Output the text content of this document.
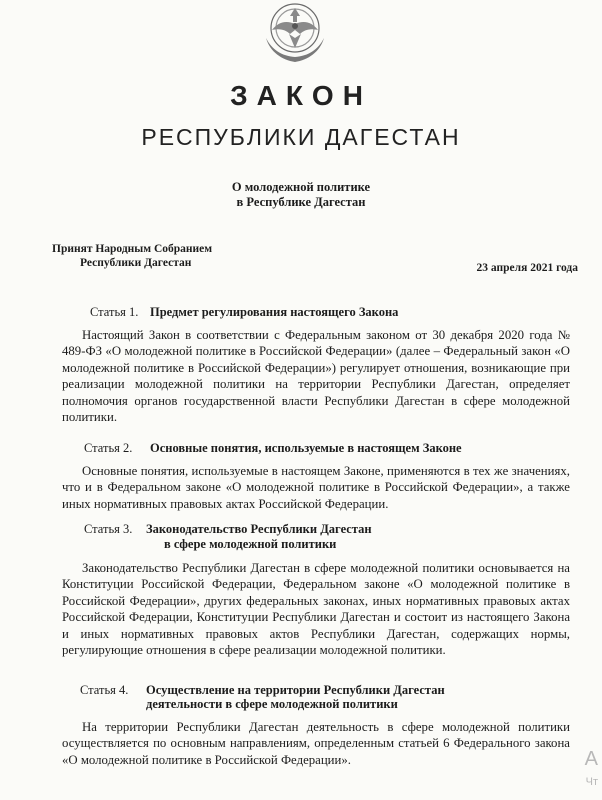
ЗАКОН
РЕСПУБЛИКИ ДАГЕСТАН
О молодежной политике
в Республике Дагестан
Принят Народным Собранием
Республики Дагестан	23 апреля 2021 года
Статья 1. Предмет регулирования настоящего Закона

Настоящий Закон в соответствии с Федеральным законом от 30 декабря 2020 года № 489-ФЗ «О молодежной политике в Российской Федерации» (далее – Федеральный закон «О молодежной политике в Российской Федерации») регулирует отношения, возникающие при реализации молодежной политики на территории Республики Дагестан, определяет полномочия органов государственной власти Республики Дагестан в сфере молодежной политики.

Статья 2. Основные понятия, используемые в настоящем Законе

Основные понятия, используемые в настоящем Законе, применяются в тех же значениях, что и в Федеральном законе «О молодежной политике в Российской Федерации», а также иных нормативных правовых актах Российской Федерации.

Статья 3. Законодательство Республики Дагестан
в сфере молодежной политики

Законодательство Республики Дагестан в сфере молодежной политики основывается на Конституции Российской Федерации, Федеральном законе «О молодежной политике в Российской Федерации», других федеральных законах, иных нормативных правовых актах Российской Федерации, Конституции Республики Дагестан и состоит из настоящего Закона и иных нормативных правовых актов Республики Дагестан, содержащих нормы, регулирующие отношения в сфере реализации молодежной политики.

Статья 4. Осуществление на территории Республики Дагестан
деятельности в сфере молодежной политики

На территории Республики Дагестан деятельность в сфере молодежной политики осуществляется по основным направлениям, определенным статьей 6 Федерального закона «О молодежной политике в Российской Федерации».	А
Чт
